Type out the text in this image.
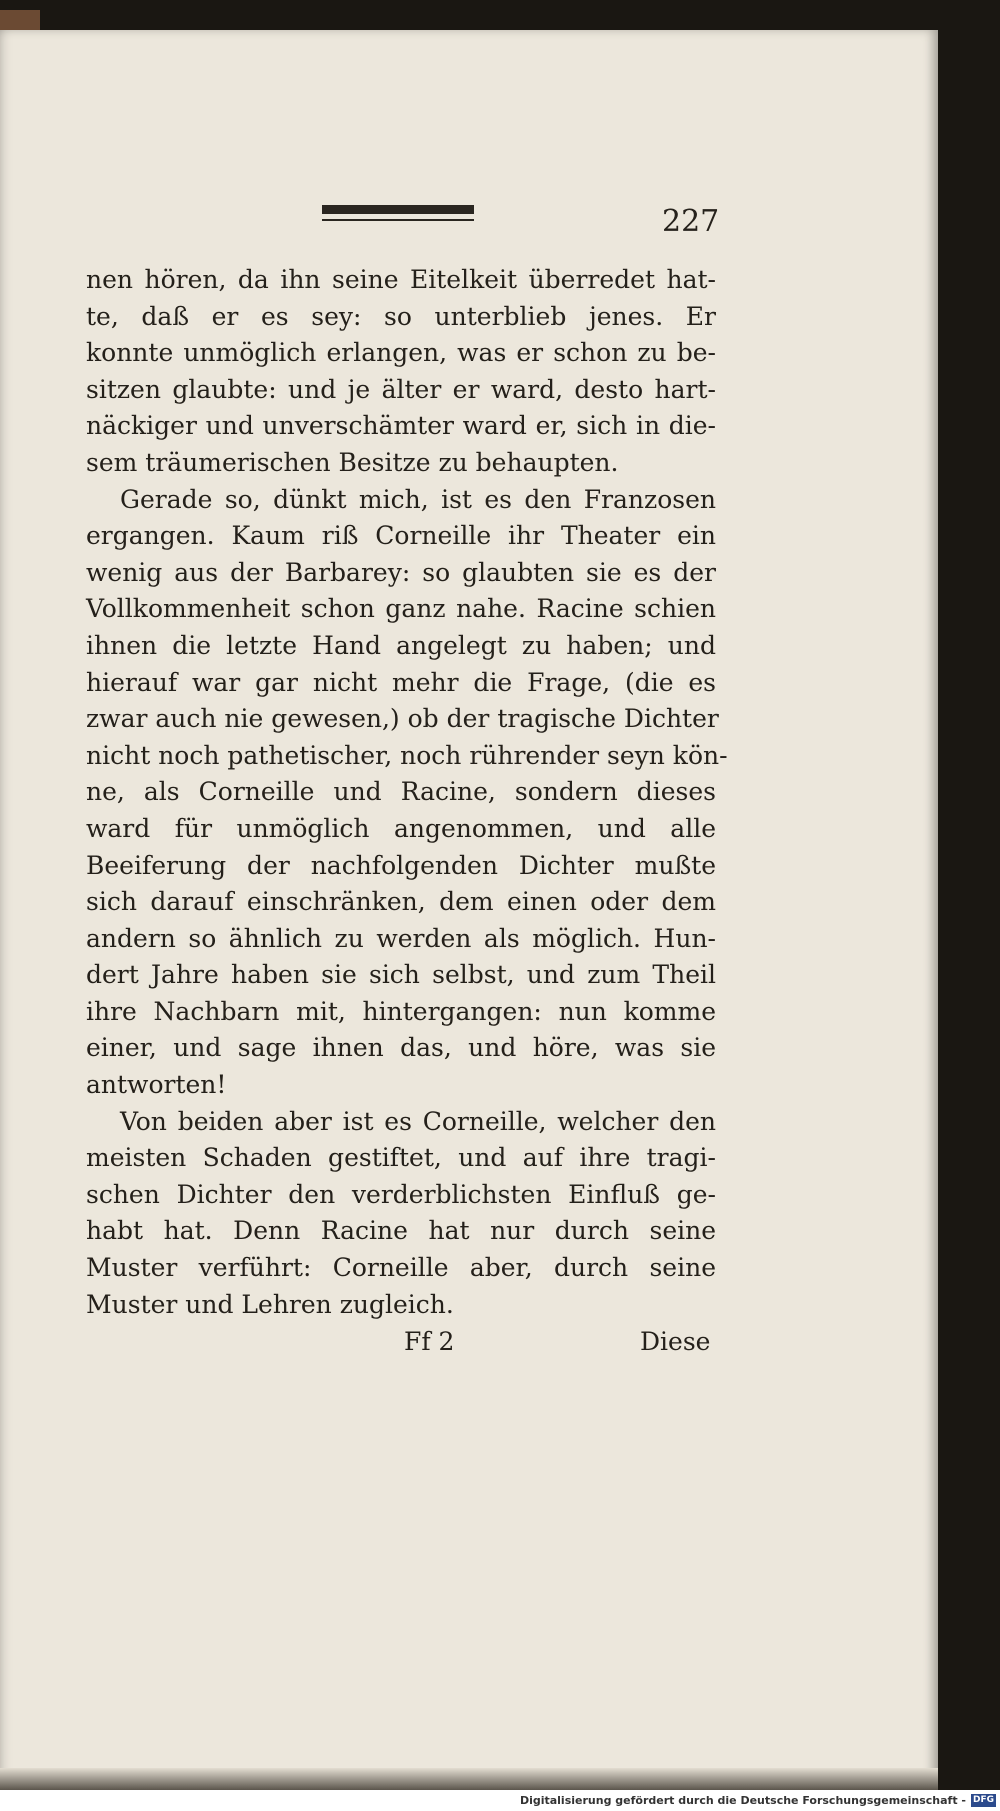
227
nen hören, da ihn seine Eitelkeit überredet hat-
te, daß er es sey: so unterblieb jenes. Er
konnte unmöglich erlangen, was er schon zu be-
sitzen glaubte: und je älter er ward, desto hart-
näckiger und unverschämter ward er, sich in die-
sem träumerischen Besitze zu behaupten.
Gerade so, dünkt mich, ist es den Franzosen
ergangen. Kaum riß Corneille ihr Theater ein
wenig aus der Barbarey: so glaubten sie es der
Vollkommenheit schon ganz nahe. Racine schien
ihnen die letzte Hand angelegt zu haben; und
hierauf war gar nicht mehr die Frage, (die es
zwar auch nie gewesen,) ob der tragische Dichter
nicht noch pathetischer, noch rührender seyn kön-
ne, als Corneille und Racine, sondern dieses
ward für unmöglich angenommen, und alle
Beeiferung der nachfolgenden Dichter mußte
sich darauf einschränken, dem einen oder dem
andern so ähnlich zu werden als möglich. Hun-
dert Jahre haben sie sich selbst, und zum Theil
ihre Nachbarn mit, hintergangen: nun komme
einer, und sage ihnen das, und höre, was sie
antworten!
Von beiden aber ist es Corneille, welcher den
meisten Schaden gestiftet, und auf ihre tragi-
schen Dichter den verderblichsten Einfluß ge-
habt hat. Denn Racine hat nur durch seine
Muster verführt: Corneille aber, durch seine
Muster und Lehren zugleich.
Ff 2	Diese
Digitalisierung gefördert durch die Deutsche Forschungsgemeinschaft - DFG
